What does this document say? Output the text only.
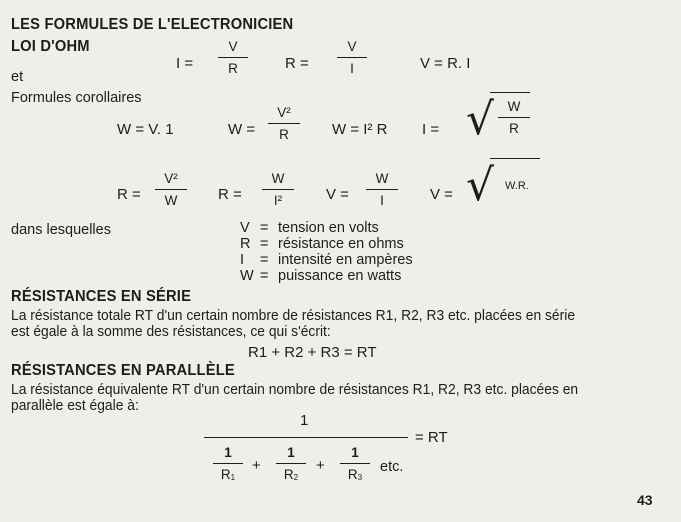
LES FORMULES DE L'ELECTRONICIEN
LOI D'OHM
I =
V
R	R =
V
I	V = R. I
et
Formules corollaires
W = V. 1	W =
V²
R	W = I² R I = √ W
R
R =
V²
W	R =
W
I²	V =
W
I	V = √ W.R.
dans lesquelles	V = tension en volts
R = résistance en ohms
I = intensité en ampères
W = puissance en watts
RÉSISTANCES EN SÉRIE
La résistance totale RT d'un certain nombre de résistances R1, R2, R3 etc. placées en série
est égale à la somme des résistances, ce qui s'écrit:
R1 + R2 + R3 = RT
RÉSISTANCES EN PARALLÈLE
La résistance équivalente RT d'un certain nombre de résistances R1, R2, R3 etc. placées en
parallèle est égale à:
1
= RT
1
$R_1$
+
1
$R_2$
+
1
$R_3$
etc.
43
